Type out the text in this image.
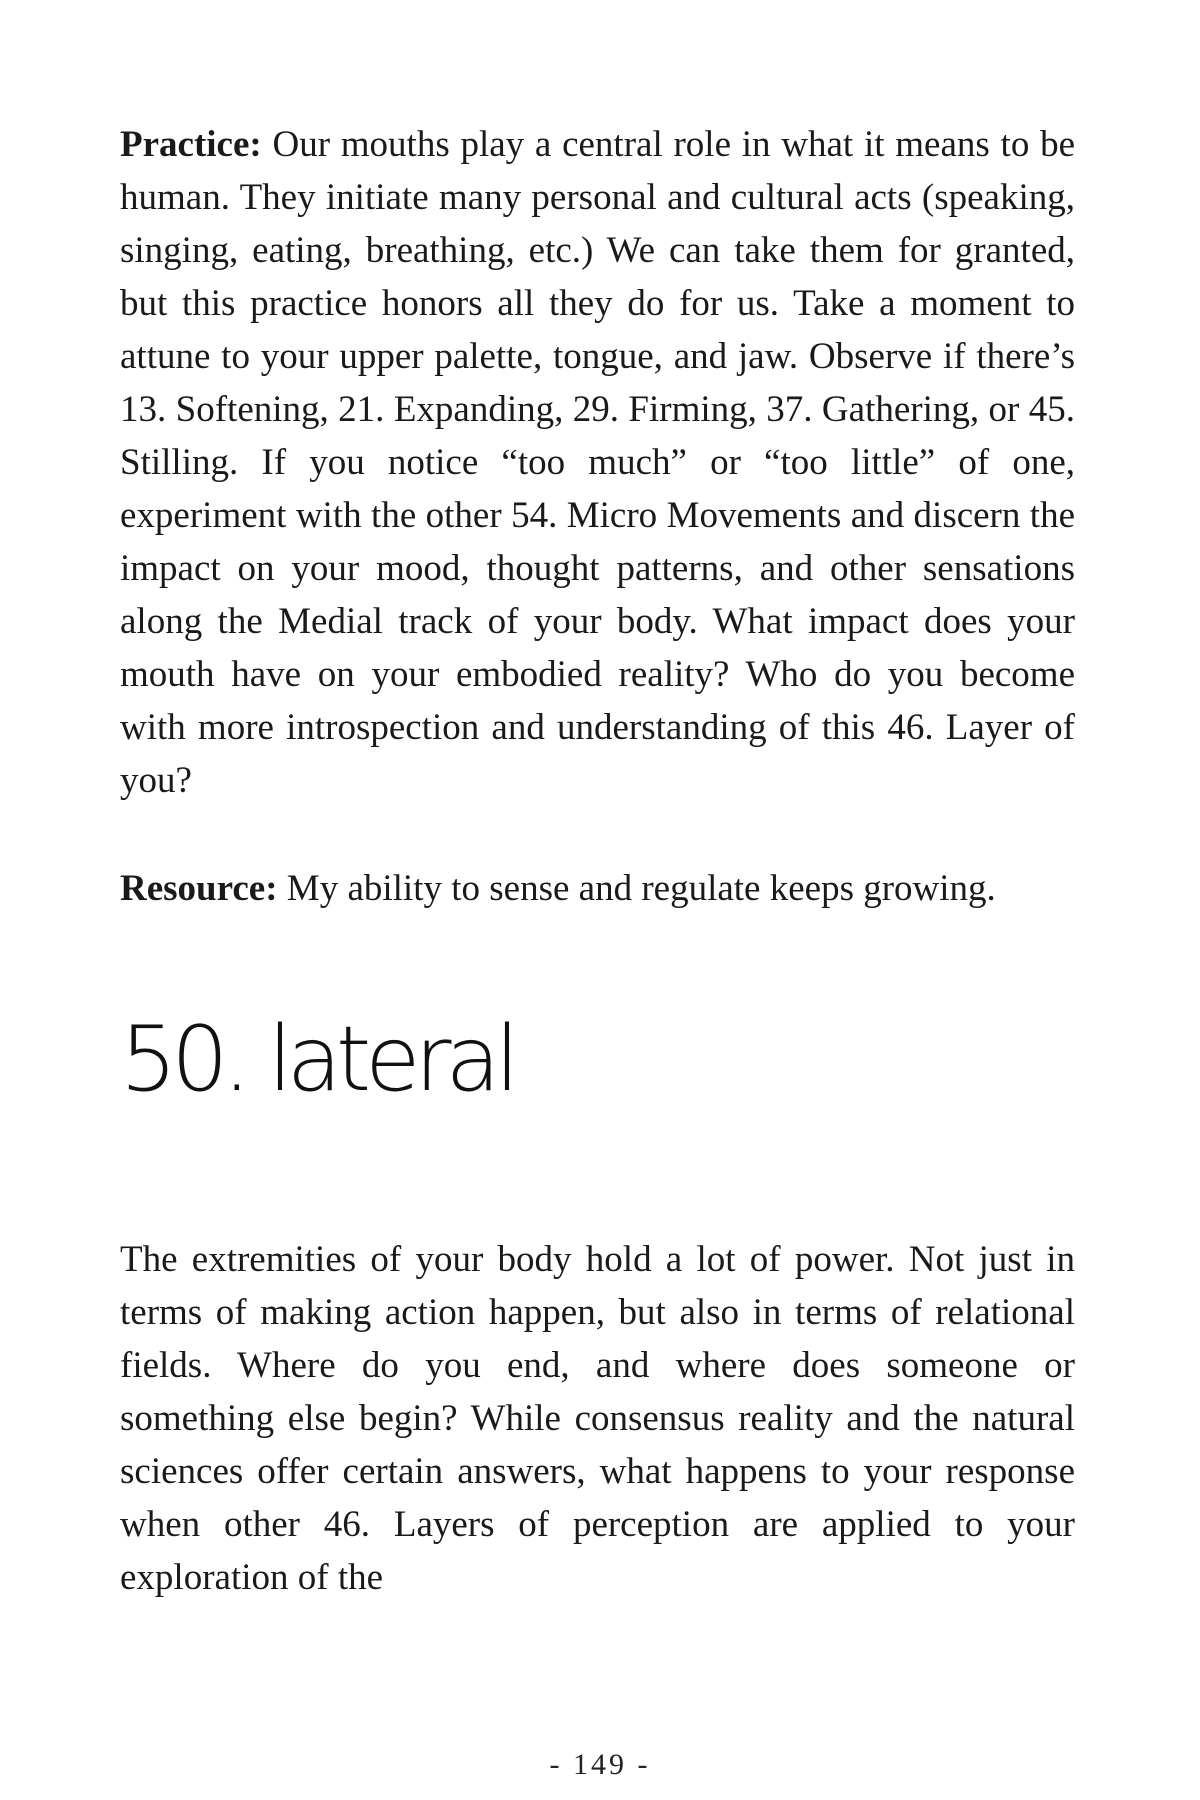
Practice: Our mouths play a central role in what it means to be human. They initiate many personal and cultural acts (speaking, singing, eating, breathing, etc.) We can take them for granted, but this practice honors all they do for us. Take a moment to attune to your upper palette, tongue, and jaw. Observe if there’s 13. Softening, 21. Expanding, 29. Firming, 37. Gathering, or 45. Stilling. If you notice “too much” or “too little” of one, experiment with the other 54. Micro Movements and discern the impact on your mood, thought patterns, and other sensations along the Medial track of your body. What impact does your mouth have on your embodied reality? Who do you become with more introspection and understanding of this 46. Layer of you?

Resource: My ability to sense and regulate keeps growing.

50. lateral

The extremities of your body hold a lot of power. Not just in terms of making action happen, but also in terms of relational fields. Where do you end, and where does someone or something else begin? While consensus reality and the natural sciences offer certain answers, what happens to your response when other 46. Layers of perception are applied to your exploration of the

- 149 -
